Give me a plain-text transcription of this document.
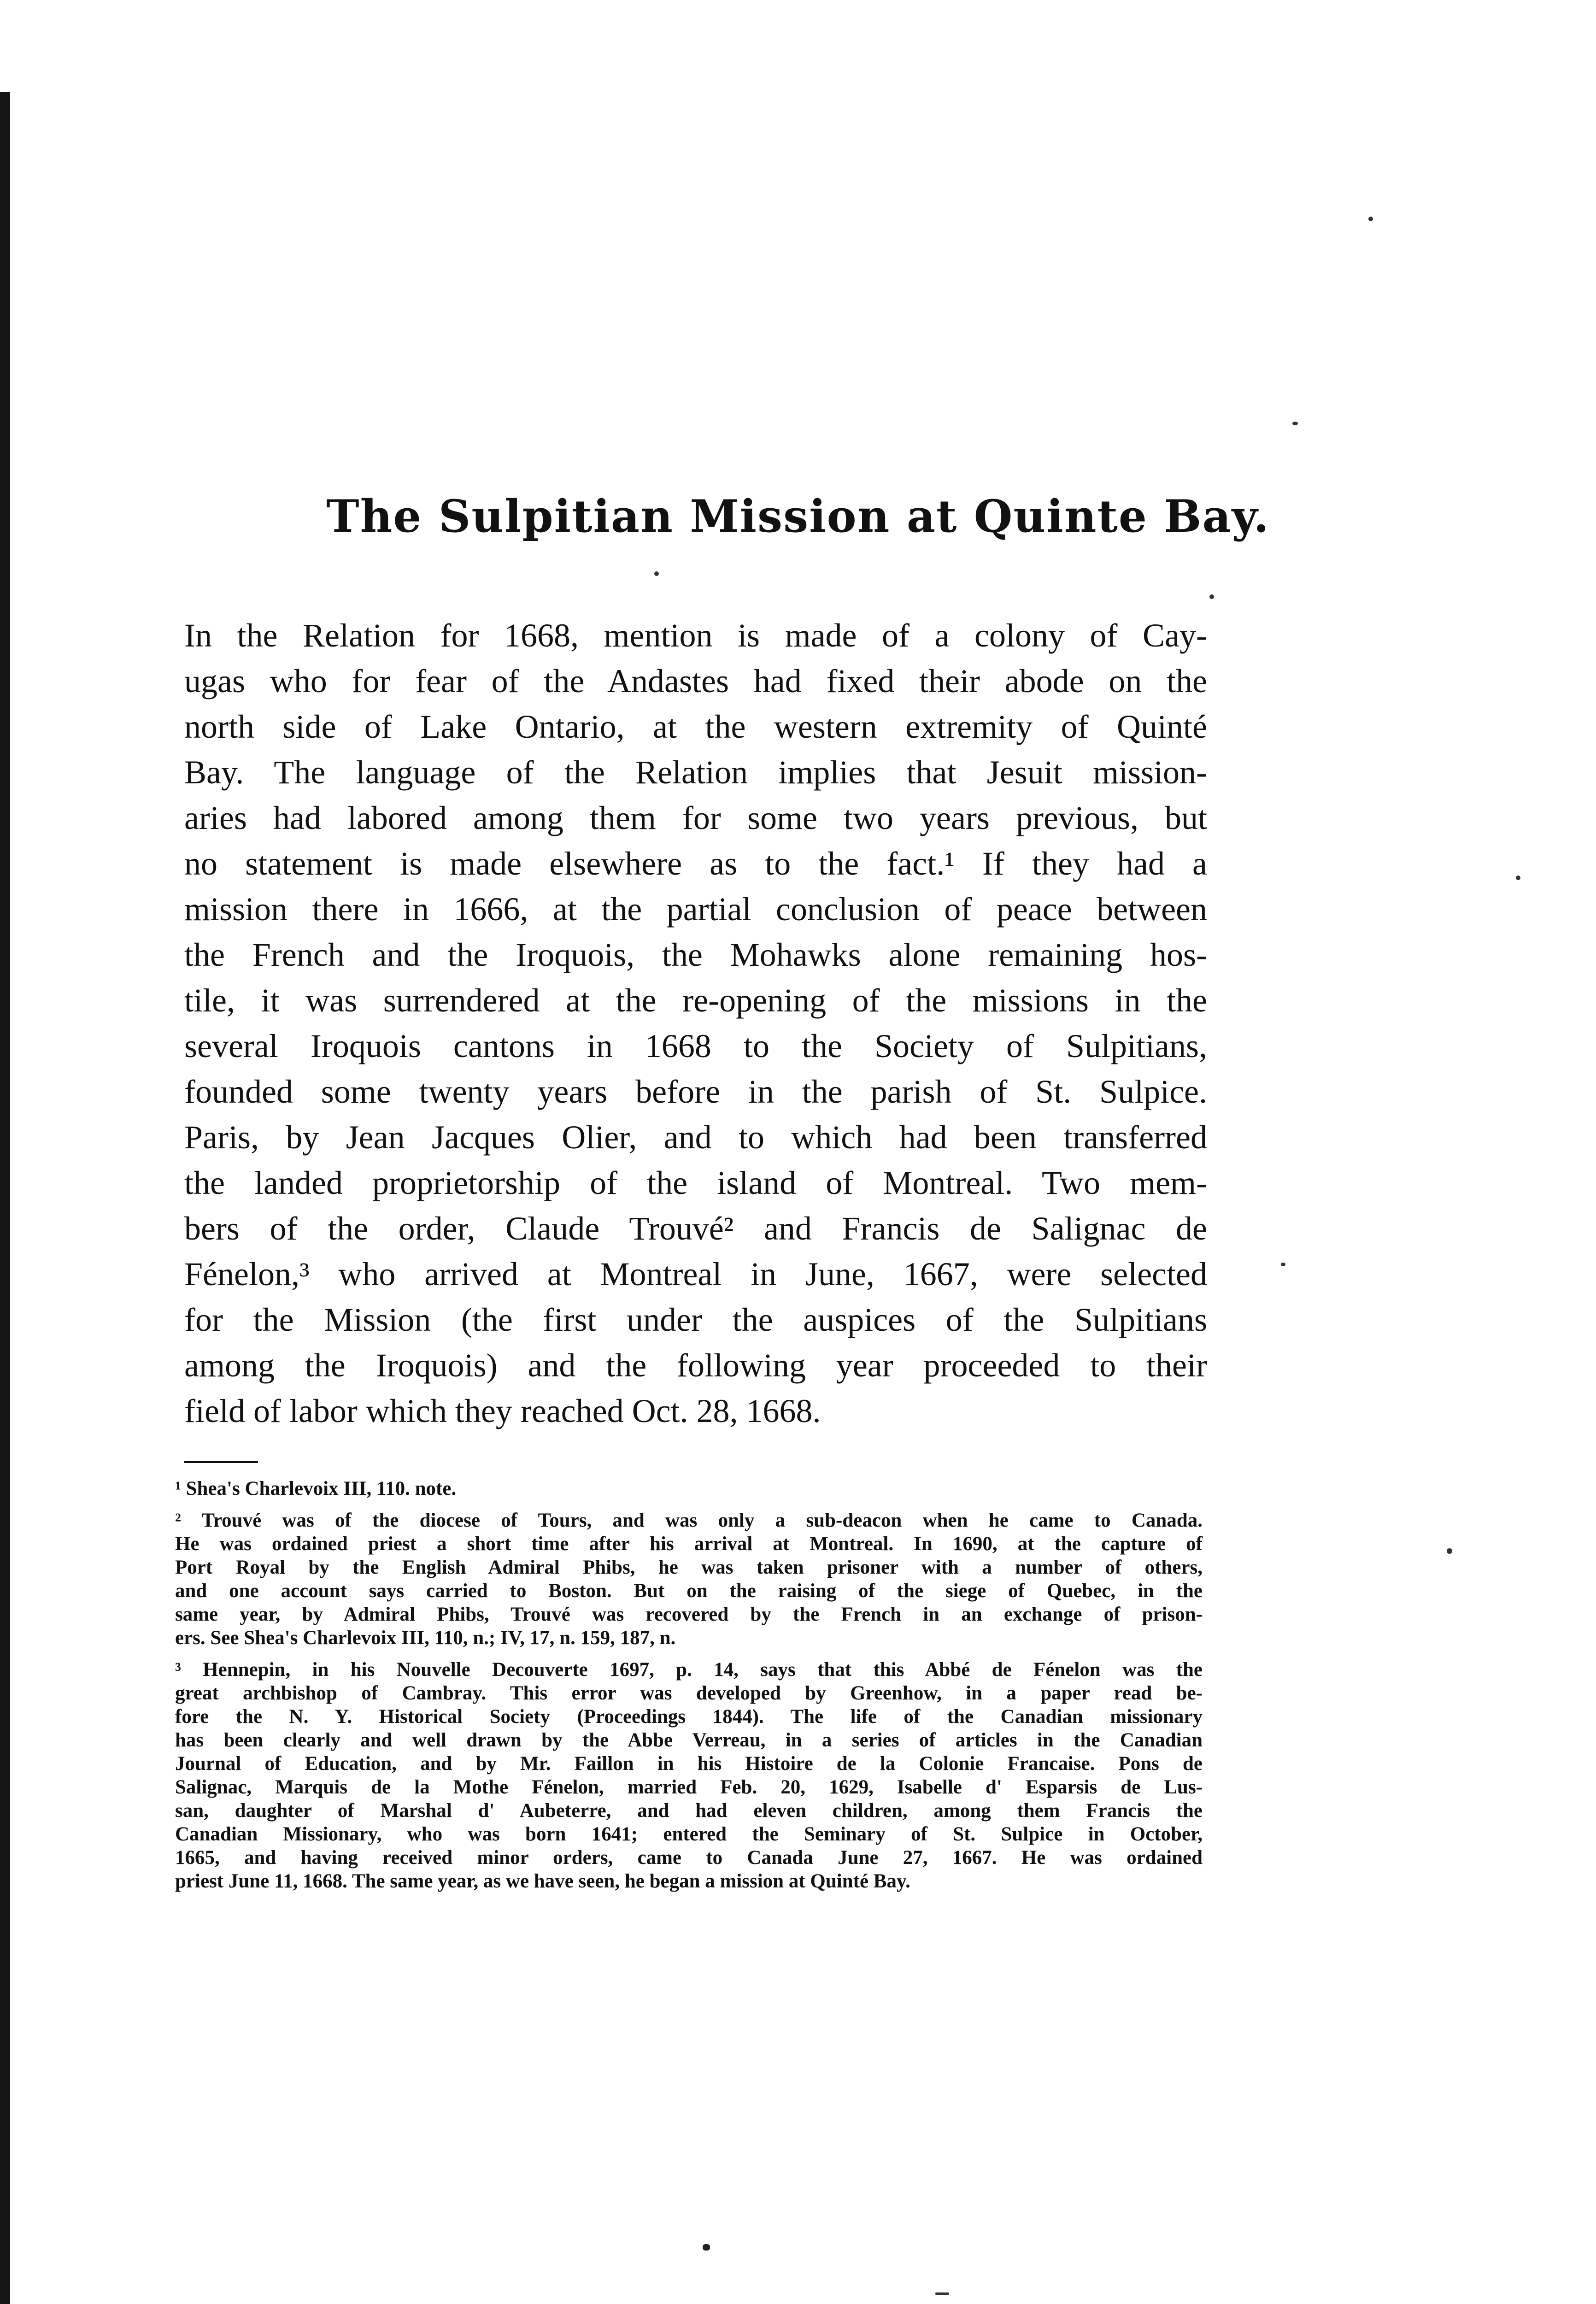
The Sulpitian Mission at Quinte Bay.
In the Relation for 1668, mention is made of a colony of Cay-
ugas who for fear of the Andastes had fixed their abode on the
north side of Lake Ontario, at the western extremity of Quinté
Bay. The language of the Relation implies that Jesuit mission-
aries had labored among them for some two years previous, but
no statement is made elsewhere as to the fact.¹ If they had a
mission there in 1666, at the partial conclusion of peace between
the French and the Iroquois, the Mohawks alone remaining hos-
tile, it was surrendered at the re-opening of the missions in the
several Iroquois cantons in 1668 to the Society of Sulpitians,
founded some twenty years before in the parish of St. Sulpice.
Paris, by Jean Jacques Olier, and to which had been transferred
the landed proprietorship of the island of Montreal. Two mem-
bers of the order, Claude Trouvé² and Francis de Salignac de
Fénelon,³ who arrived at Montreal in June, 1667, were selected
for the Mission (the first under the auspices of the Sulpitians
among the Iroquois) and the following year proceeded to their
field of labor which they reached Oct. 28, 1668.
¹ Shea's Charlevoix III, 110. note.
² Trouvé was of the diocese of Tours, and was only a sub-deacon when he came to Canada.
He was ordained priest a short time after his arrival at Montreal. In 1690, at the capture of
Port Royal by the English Admiral Phibs, he was taken prisoner with a number of others,
and one account says carried to Boston. But on the raising of the siege of Quebec, in the
same year, by Admiral Phibs, Trouvé was recovered by the French in an exchange of prison-
ers. See Shea's Charlevoix III, 110, n.; IV, 17, n. 159, 187, n.
³ Hennepin, in his Nouvelle Decouverte 1697, p. 14, says that this Abbé de Fénelon was the
great archbishop of Cambray. This error was developed by Greenhow, in a paper read be-
fore the N. Y. Historical Society (Proceedings 1844). The life of the Canadian missionary
has been clearly and well drawn by the Abbe Verreau, in a series of articles in the Canadian
Journal of Education, and by Mr. Faillon in his Histoire de la Colonie Francaise. Pons de
Salignac, Marquis de la Mothe Fénelon, married Feb. 20, 1629, Isabelle d' Esparsis de Lus-
san, daughter of Marshal d' Aubeterre, and had eleven children, among them Francis the
Canadian Missionary, who was born 1641; entered the Seminary of St. Sulpice in October,
1665, and having received minor orders, came to Canada June 27, 1667. He was ordained
priest June 11, 1668. The same year, as we have seen, he began a mission at Quinté Bay.
